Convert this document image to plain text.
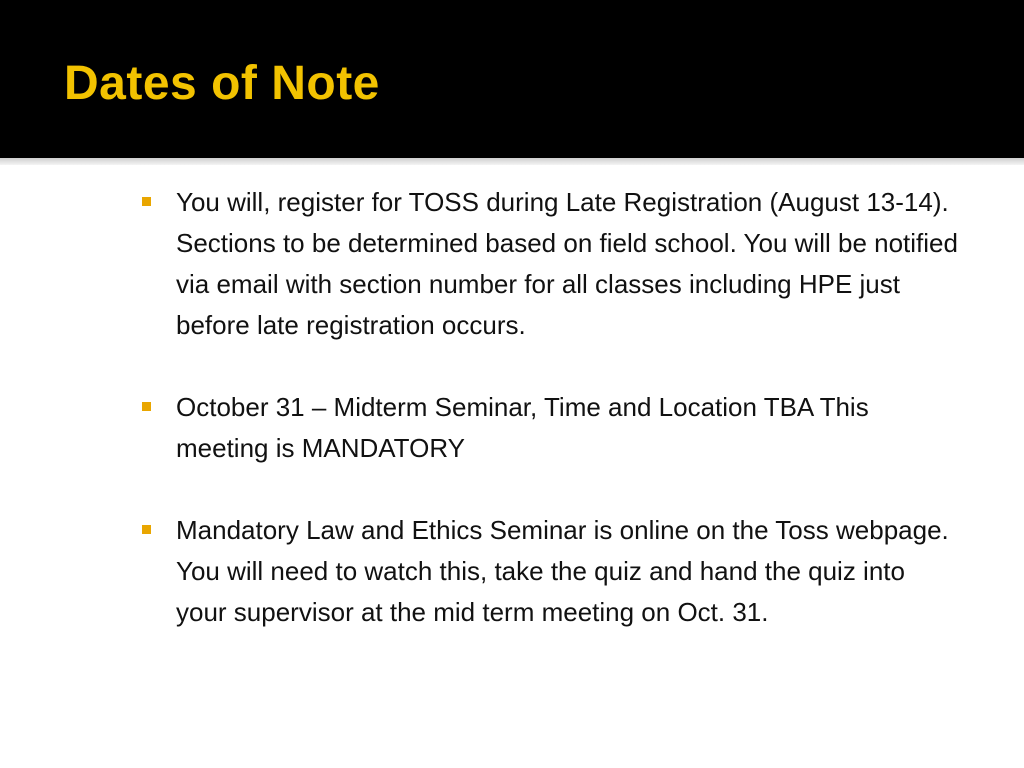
Dates of Note
You will, register for TOSS during Late Registration (August 13-14). Sections to be determined based on field school. You will be notified via email with section number for all classes including HPE just before late registration occurs.
October 31 – Midterm Seminar, Time and Location TBA This meeting is MANDATORY
Mandatory Law and Ethics Seminar is online on the Toss webpage. You will need to watch this, take the quiz and hand the quiz into your supervisor at the mid term meeting on Oct. 31.
